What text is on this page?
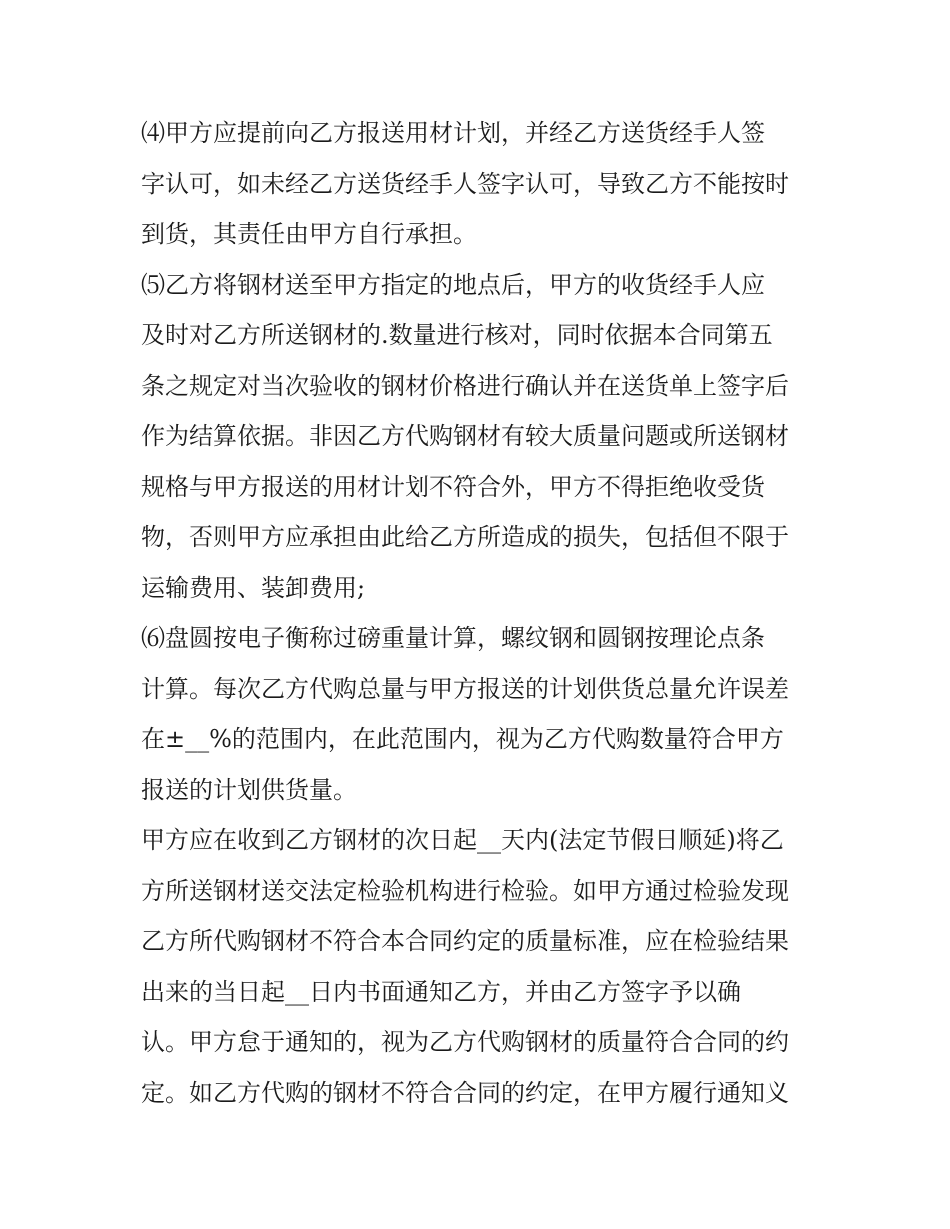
⑷甲方应提前向乙方报送用材计划，并经乙方送货经手人签
字认可，如未经乙方送货经手人签字认可，导致乙方不能按时
到货，其责任由甲方自行承担。
⑸乙方将钢材送至甲方指定的地点后，甲方的收货经手人应
及时对乙方所送钢材的.数量进行核对，同时依据本合同第五
条之规定对当次验收的钢材价格进行确认并在送货单上签字后
作为结算依据。非因乙方代购钢材有较大质量问题或所送钢材
规格与甲方报送的用材计划不符合外，甲方不得拒绝收受货
物，否则甲方应承担由此给乙方所造成的损失，包括但不限于
运输费用、装卸费用;
⑹盘圆按电子衡称过磅重量计算，螺纹钢和圆钢按理论点条
计算。每次乙方代购总量与甲方报送的计划供货总量允许误差
在±__%的范围内，在此范围内，视为乙方代购数量符合甲方
报送的计划供货量。
甲方应在收到乙方钢材的次日起__天内(法定节假日顺延)将乙
方所送钢材送交法定检验机构进行检验。如甲方通过检验发现
乙方所代购钢材不符合本合同约定的质量标准，应在检验结果
出来的当日起__日内书面通知乙方，并由乙方签字予以确
认。甲方怠于通知的，视为乙方代购钢材的质量符合合同的约
定。如乙方代购的钢材不符合合同的约定，在甲方履行通知义
